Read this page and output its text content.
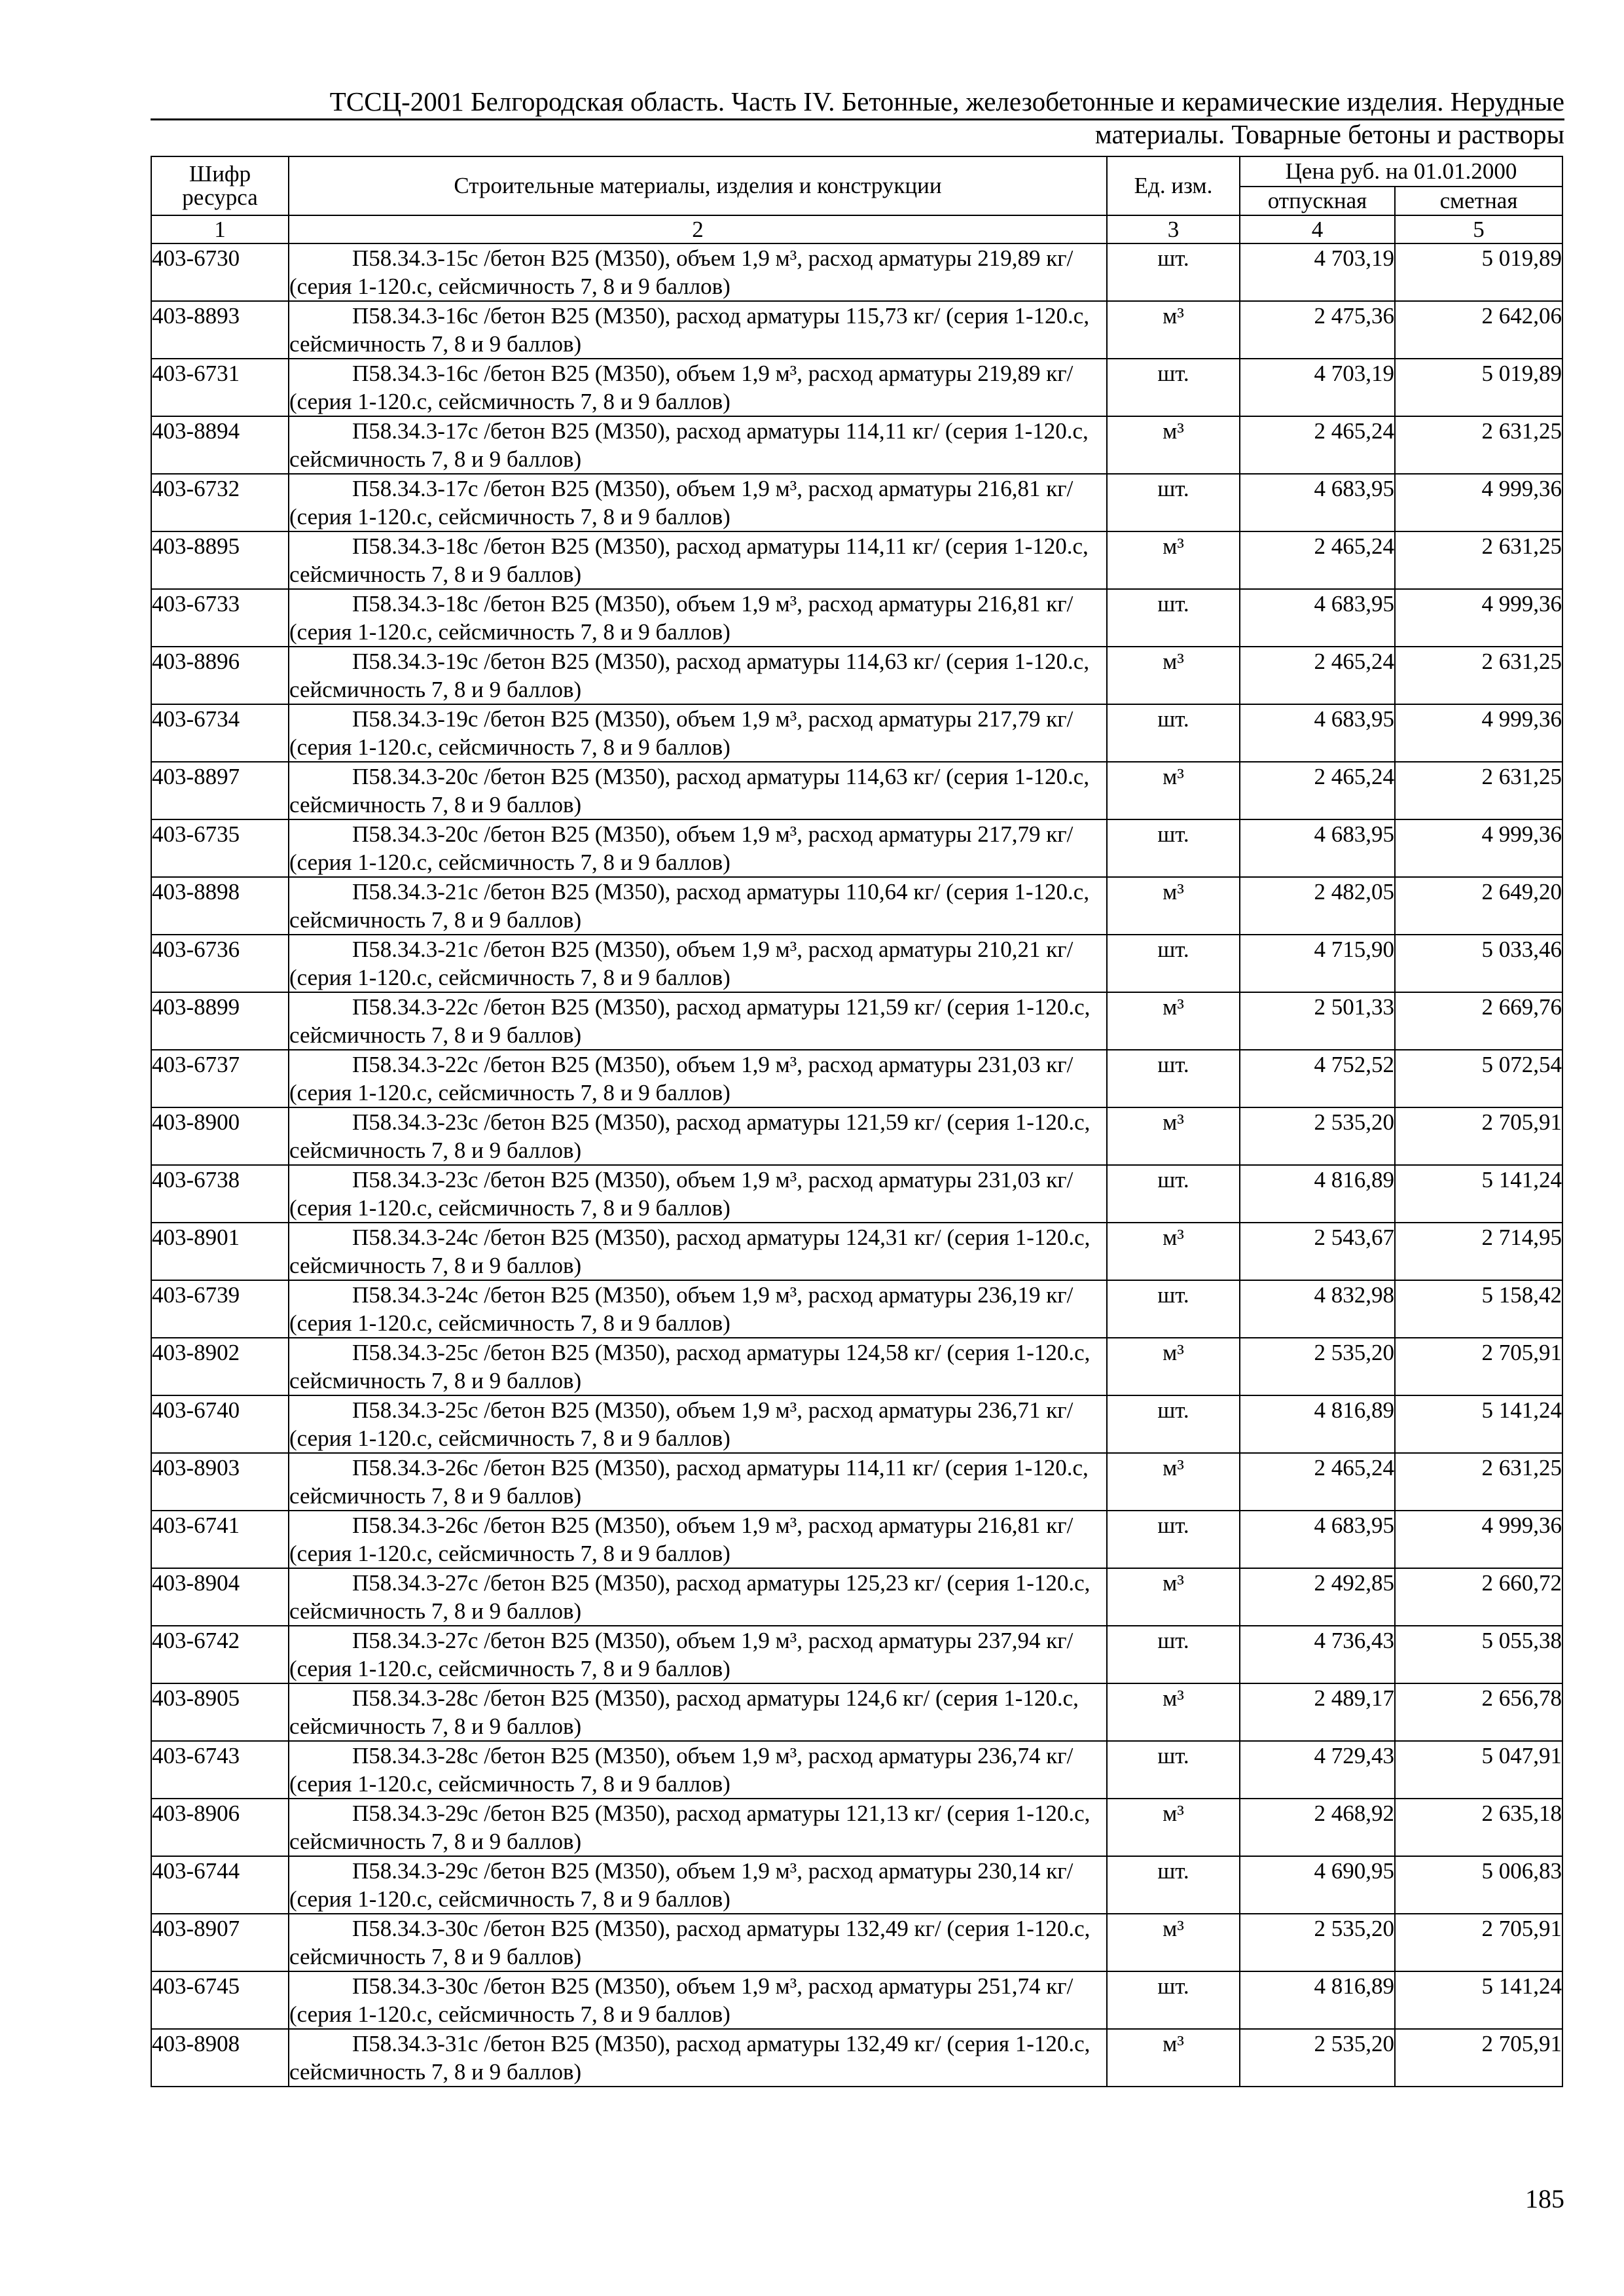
ТССЦ-2001 Белгородская область. Часть IV. Бетонные, железобетонные и керамические изделия. Нерудные
материалы. Товарные бетоны и растворы
Шифр ресурса	Строительные материалы, изделия и конструкции	Ед. изм.	Цена руб. на 01.01.2000	
			отпускная	сметная
1	2	3	4	5
403-6730	П58.34.3-15с /бетон B25 (М350), объем 1,9 м³, расход арматуры 219,89 кг/ (серия 1-120.с, сейсмичность 7, 8 и 9 баллов)	шт.	4 703,19	5 019,89
403-8893	П58.34.3-16с /бетон B25 (М350), расход арматуры 115,73 кг/ (серия 1-120.с, сейсмичность 7, 8 и 9 баллов)	м³	2 475,36	2 642,06
403-6731	П58.34.3-16с /бетон B25 (М350), объем 1,9 м³, расход арматуры 219,89 кг/ (серия 1-120.с, сейсмичность 7, 8 и 9 баллов)	шт.	4 703,19	5 019,89
403-8894	П58.34.3-17с /бетон B25 (М350), расход арматуры 114,11 кг/ (серия 1-120.с, сейсмичность 7, 8 и 9 баллов)	м³	2 465,24	2 631,25
403-6732	П58.34.3-17с /бетон B25 (М350), объем 1,9 м³, расход арматуры 216,81 кг/ (серия 1-120.с, сейсмичность 7, 8 и 9 баллов)	шт.	4 683,95	4 999,36
403-8895	П58.34.3-18с /бетон B25 (М350), расход арматуры 114,11 кг/ (серия 1-120.с, сейсмичность 7, 8 и 9 баллов)	м³	2 465,24	2 631,25
403-6733	П58.34.3-18с /бетон B25 (М350), объем 1,9 м³, расход арматуры 216,81 кг/ (серия 1-120.с, сейсмичность 7, 8 и 9 баллов)	шт.	4 683,95	4 999,36
403-8896	П58.34.3-19с /бетон B25 (М350), расход арматуры 114,63 кг/ (серия 1-120.с, сейсмичность 7, 8 и 9 баллов)	м³	2 465,24	2 631,25
403-6734	П58.34.3-19с /бетон B25 (М350), объем 1,9 м³, расход арматуры 217,79 кг/ (серия 1-120.с, сейсмичность 7, 8 и 9 баллов)	шт.	4 683,95	4 999,36
403-8897	П58.34.3-20с /бетон B25 (М350), расход арматуры 114,63 кг/ (серия 1-120.с, сейсмичность 7, 8 и 9 баллов)	м³	2 465,24	2 631,25
403-6735	П58.34.3-20с /бетон B25 (М350), объем 1,9 м³, расход арматуры 217,79 кг/ (серия 1-120.с, сейсмичность 7, 8 и 9 баллов)	шт.	4 683,95	4 999,36
403-8898	П58.34.3-21с /бетон B25 (М350), расход арматуры 110,64 кг/ (серия 1-120.с, сейсмичность 7, 8 и 9 баллов)	м³	2 482,05	2 649,20
403-6736	П58.34.3-21с /бетон B25 (М350), объем 1,9 м³, расход арматуры 210,21 кг/ (серия 1-120.с, сейсмичность 7, 8 и 9 баллов)	шт.	4 715,90	5 033,46
403-8899	П58.34.3-22с /бетон B25 (М350), расход арматуры 121,59 кг/ (серия 1-120.с, сейсмичность 7, 8 и 9 баллов)	м³	2 501,33	2 669,76
403-6737	П58.34.3-22с /бетон B25 (М350), объем 1,9 м³, расход арматуры 231,03 кг/ (серия 1-120.с, сейсмичность 7, 8 и 9 баллов)	шт.	4 752,52	5 072,54
403-8900	П58.34.3-23с /бетон B25 (М350), расход арматуры 121,59 кг/ (серия 1-120.с, сейсмичность 7, 8 и 9 баллов)	м³	2 535,20	2 705,91
403-6738	П58.34.3-23с /бетон B25 (М350), объем 1,9 м³, расход арматуры 231,03 кг/ (серия 1-120.с, сейсмичность 7, 8 и 9 баллов)	шт.	4 816,89	5 141,24
403-8901	П58.34.3-24с /бетон B25 (М350), расход арматуры 124,31 кг/ (серия 1-120.с, сейсмичность 7, 8 и 9 баллов)	м³	2 543,67	2 714,95
403-6739	П58.34.3-24с /бетон B25 (М350), объем 1,9 м³, расход арматуры 236,19 кг/ (серия 1-120.с, сейсмичность 7, 8 и 9 баллов)	шт.	4 832,98	5 158,42
403-8902	П58.34.3-25с /бетон B25 (М350), расход арматуры 124,58 кг/ (серия 1-120.с, сейсмичность 7, 8 и 9 баллов)	м³	2 535,20	2 705,91
403-6740	П58.34.3-25с /бетон B25 (М350), объем 1,9 м³, расход арматуры 236,71 кг/ (серия 1-120.с, сейсмичность 7, 8 и 9 баллов)	шт.	4 816,89	5 141,24
403-8903	П58.34.3-26с /бетон B25 (М350), расход арматуры 114,11 кг/ (серия 1-120.с, сейсмичность 7, 8 и 9 баллов)	м³	2 465,24	2 631,25
403-6741	П58.34.3-26с /бетон B25 (М350), объем 1,9 м³, расход арматуры 216,81 кг/ (серия 1-120.с, сейсмичность 7, 8 и 9 баллов)	шт.	4 683,95	4 999,36
403-8904	П58.34.3-27с /бетон B25 (М350), расход арматуры 125,23 кг/ (серия 1-120.с, сейсмичность 7, 8 и 9 баллов)	м³	2 492,85	2 660,72
403-6742	П58.34.3-27с /бетон B25 (М350), объем 1,9 м³, расход арматуры 237,94 кг/ (серия 1-120.с, сейсмичность 7, 8 и 9 баллов)	шт.	4 736,43	5 055,38
403-8905	П58.34.3-28с /бетон B25 (М350), расход арматуры 124,6 кг/ (серия 1-120.с, сейсмичность 7, 8 и 9 баллов)	м³	2 489,17	2 656,78
403-6743	П58.34.3-28с /бетон B25 (М350), объем 1,9 м³, расход арматуры 236,74 кг/ (серия 1-120.с, сейсмичность 7, 8 и 9 баллов)	шт.	4 729,43	5 047,91
403-8906	П58.34.3-29с /бетон B25 (М350), расход арматуры 121,13 кг/ (серия 1-120.с, сейсмичность 7, 8 и 9 баллов)	м³	2 468,92	2 635,18
403-6744	П58.34.3-29с /бетон B25 (М350), объем 1,9 м³, расход арматуры 230,14 кг/ (серия 1-120.с, сейсмичность 7, 8 и 9 баллов)	шт.	4 690,95	5 006,83
403-8907	П58.34.3-30с /бетон B25 (М350), расход арматуры 132,49 кг/ (серия 1-120.с, сейсмичность 7, 8 и 9 баллов)	м³	2 535,20	2 705,91
403-6745	П58.34.3-30с /бетон B25 (М350), объем 1,9 м³, расход арматуры 251,74 кг/ (серия 1-120.с, сейсмичность 7, 8 и 9 баллов)	шт.	4 816,89	5 141,24
403-8908	П58.34.3-31с /бетон B25 (М350), расход арматуры 132,49 кг/ (серия 1-120.с, сейсмичность 7, 8 и 9 баллов)	м³	2 535,20	2 705,91
185
